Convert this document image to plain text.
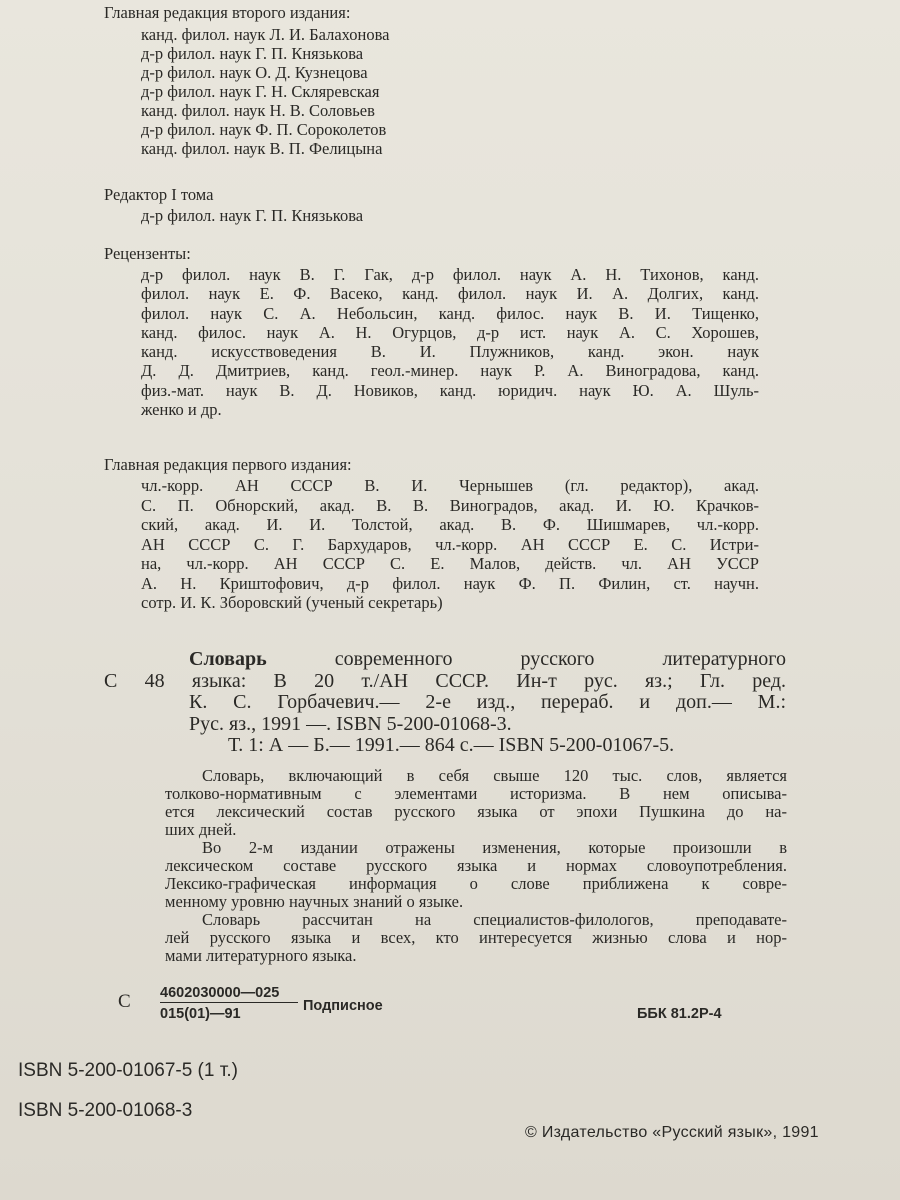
Главная редакция второго издания:
канд. филол. наук Л. И. Балахонова
д-р филол. наук Г. П. Князькова
д-р филол. наук О. Д. Кузнецова
д-р филол. наук Г. Н. Скляревская
канд. филол. наук Н. В. Соловьев
д-р филол. наук Ф. П. Сороколетов
канд. филол. наук В. П. Фелицына
Редактор I тома
д-р филол. наук Г. П. Князькова
Рецензенты:
д-р филол. наук В. Г. Гак, д-р филол. наук А. Н. Тихонов, канд.
филол. наук Е. Ф. Васеко, канд. филол. наук И. А. Долгих, канд.
филол. наук С. А. Небольсин, канд. филос. наук В. И. Тищенко,
канд. филос. наук А. Н. Огурцов, д-р ист. наук А. С. Хорошев,
канд. искусствоведения В. И. Плужников, канд. экон. наук
Д. Д. Дмитриев, канд. геол.-минер. наук Р. А. Виноградова, канд.
физ.-мат. наук В. Д. Новиков, канд. юридич. наук Ю. А. Шуль-
женко и др.
Главная редакция первого издания:
чл.-корр. АН СССР В. И. Чернышев (гл. редактор), акад.
С. П. Обнорский, акад. В. В. Виноградов, акад. И. Ю. Крачков-
ский, акад. И. И. Толстой, акад. В. Ф. Шишмарев, чл.-корр.
АН СССР С. Г. Бархударов, чл.-корр. АН СССР Е. С. Истри-
на, чл.-корр. АН СССР С. Е. Малов, действ. чл. АН УССР
А. Н. Криштофович, д-р филол. наук Ф. П. Филин, ст. научн.
сотр. И. К. Зборовский (ученый секретарь)
Словарь	современного русского литературного
С 48 языка: В 20 т./АН СССР. Ин-т рус. яз.; Гл. ред.
К. С. Горбачевич.— 2-е изд., перераб. и доп.— М.:
Рус. яз., 1991 —. ISBN 5-200-01068-3.
Т. 1: А — Б.— 1991.— 864 с.— ISBN 5-200-01067-5.
Словарь, включающий в себя свыше 120 тыс. слов, является
толково-нормативным с элементами историзма. В нем описыва-
ется лексический состав русского языка от эпохи Пушкина до на-
ших дней.
Во 2-м издании отражены изменения, которые произошли в
лексическом составе русского языка и нормах словоупотребления.
Лексико-графическая информация о слове приближена к совре-
менному уровню научных знаний о языке.
Словарь рассчитан на специалистов-филологов, преподавате-
лей русского языка и всех, кто интересуется жизнью слова и нор-
мами литературного языка.
С $\frac{4602030000—025}{015(01)—91}$ Подписное	ББК 81.2Р-4
ISBN 5-200-01067-5 (1 т.)
ISBN 5-200-01068-3
© Издательство «Русский язык», 1991
